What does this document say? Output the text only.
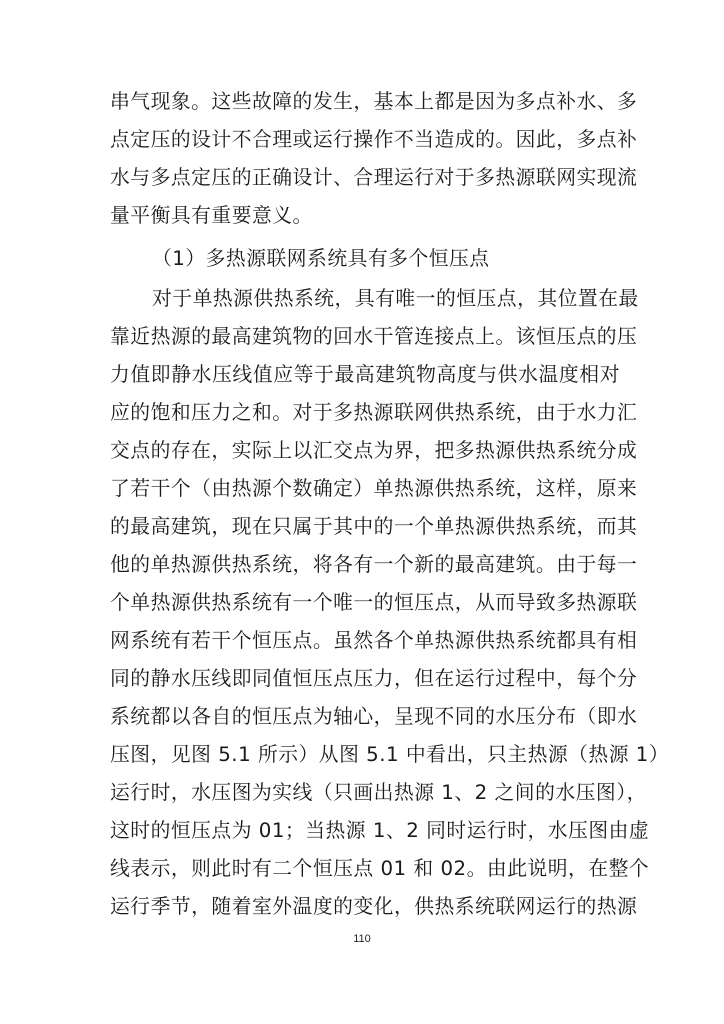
串气现象。这些故障的发生，基本上都是因为多点补水、多
点定压的设计不合理或运行操作不当造成的。因此，多点补
水与多点定压的正确设计、合理运行对于多热源联网实现流
量平衡具有重要意义。
（1）多热源联网系统具有多个恒压点
对于单热源供热系统，具有唯一的恒压点，其位置在最
靠近热源的最高建筑物的回水干管连接点上。该恒压点的压
力值即静水压线值应等于最高建筑物高度与供水温度相对
应的饱和压力之和。对于多热源联网供热系统，由于水力汇
交点的存在，实际上以汇交点为界，把多热源供热系统分成
了若干个（由热源个数确定）单热源供热系统，这样，原来
的最高建筑，现在只属于其中的一个单热源供热系统，而其
他的单热源供热系统，将各有一个新的最高建筑。由于每一
个单热源供热系统有一个唯一的恒压点，从而导致多热源联
网系统有若干个恒压点。虽然各个单热源供热系统都具有相
同的静水压线即同值恒压点压力，但在运行过程中，每个分
系统都以各自的恒压点为轴心，呈现不同的水压分布（即水
压图，见图 5.1 所示）从图 5.1 中看出，只主热源（热源 1）
运行时，水压图为实线（只画出热源 1、2 之间的水压图），
这时的恒压点为 01；当热源 1、2 同时运行时，水压图由虚
线表示，则此时有二个恒压点 01 和 02。由此说明，在整个
运行季节，随着室外温度的变化，供热系统联网运行的热源
110
